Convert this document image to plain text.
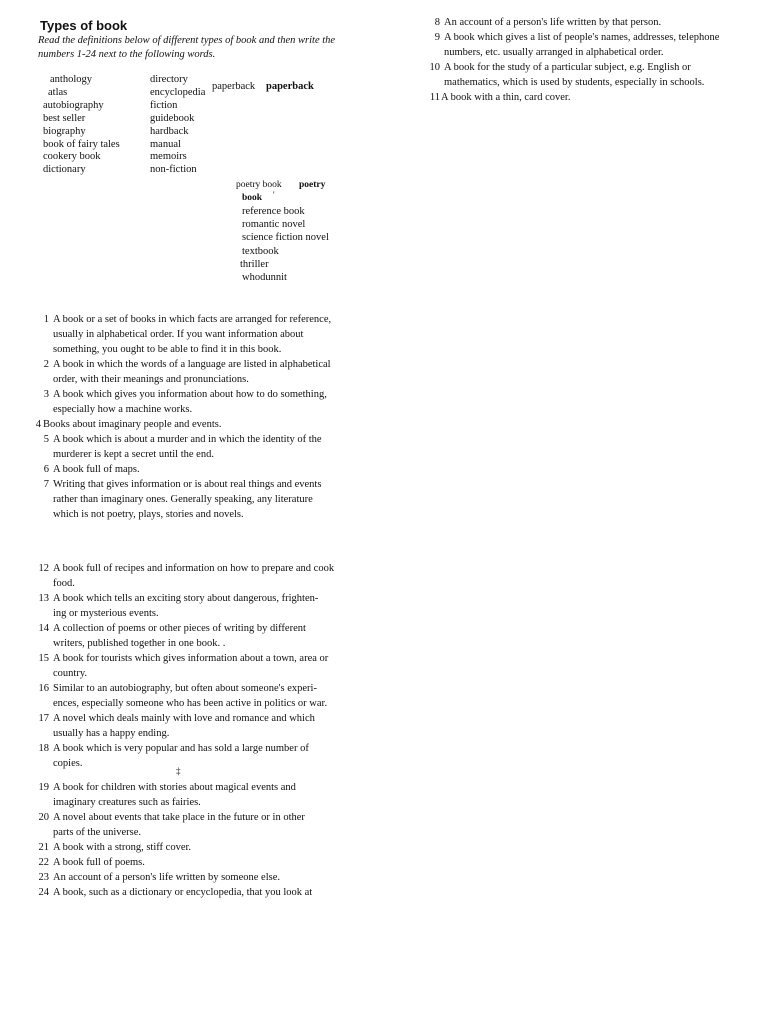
Types of book
Read the definitions below of different types of book and then write the numbers 1-24 next to the following words.
anthology
atlas
autobiography
best seller
biography
book of fairy tales
cookery book
dictionary
directory
encyclopedia
fiction
guidebook
hardback
manual
memoirs
non-fiction
paperback paperback
poetry book poetry
book '
reference book
romantic novel
science fiction novel
textbook
thriller
whodunnit
1 A book or a set of books in which facts are arranged for reference,
usually in alphabetical order. If you want information about
something, you ought to be able to find it in this book.
2 A book in which the words of a language are listed in alphabetical
order, with their meanings and pronunciations.
3 A book which gives you information about how to do something,
especially how a machine works.
4 Books about imaginary people and events.
5 A book which is about a murder and in which the identity of the
murderer is kept a secret until the end.
6 A book full of maps.
7 Writing that gives information or is about real things and events
rather than imaginary ones. Generally speaking, any literature
which is not poetry, plays, stories and novels.
8 An account of a person's life written by that person.
9 A book which gives a list of people's names, addresses, telephone
numbers, etc. usually arranged in alphabetical order.
10 A book for the study of a particular subject, e.g. English or
mathematics, which is used by students, especially in schools.
11 A book with a thin, card cover.
12 A book full of recipes and information on how to prepare and cook
food.
13 A book which tells an exciting story about dangerous, frighten-
ing or mysterious events.
14 A collection of poems or other pieces of writing by different
writers, published together in one book. .
15 A book for tourists which gives information about a town, area or
country.
16 Similar to an autobiography, but often about someone's experi-
ences, especially someone who has been active in politics or war.
17 A novel which deals mainly with love and romance and which
usually has a happy ending.
18 A book which is very popular and has sold a large number of
copies.
‡
19 A book for children with stories about magical events and
imaginary creatures such as fairies.
20 A novel about events that take place in the future or in other
parts of the universe.
21 A book with a strong, stiff cover.

22 A book full of poems.
23 An account of a person's life written by someone else.
24 A book, such as a dictionary or encyclopedia, that you look at
